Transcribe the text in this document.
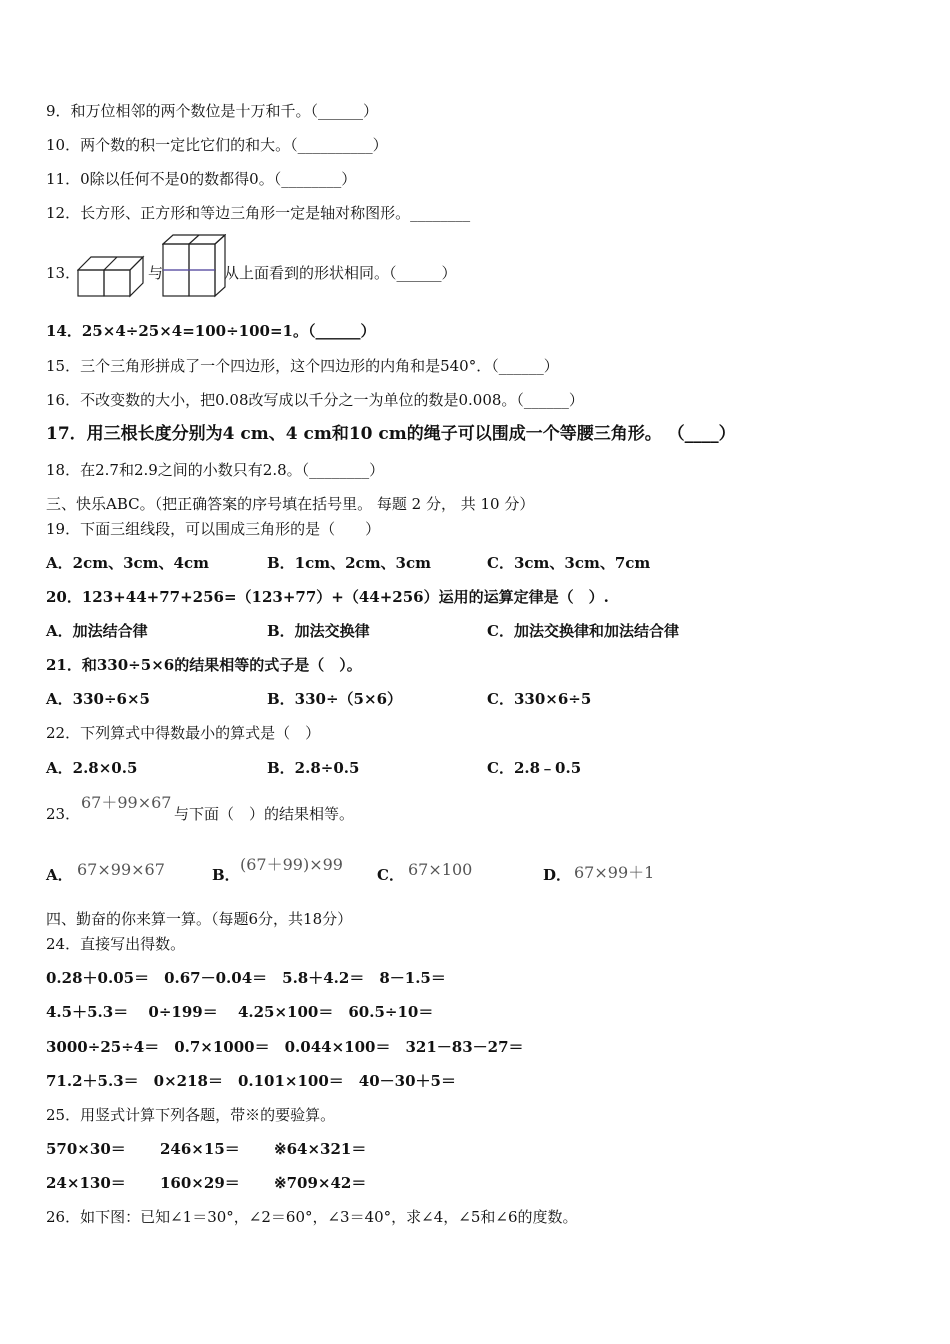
9．和万位相邻的两个数位是十万和千。（______）
10．两个数的积一定比它们的和大。（__________）
11．0除以任何不是0的数都得0。（________）
12．长方形、正方形和等边三角形一定是轴对称图形。________
13．	与	从上面看到的形状相同。（______）
14．25×4÷25×4=100÷100=1。（______）
15．三个三角形拼成了一个四边形，这个四边形的内角和是540°．（______）
16．不改变数的大小，把0.08改写成以千分之一为单位的数是0.008。（______）
17．用三根长度分别为4 cm、4 cm和10 cm的绳子可以围成一个等腰三角形。 （____）
18．在2.7和2.9之间的小数只有2.8。（________）
三、快乐ABC。（把正确答案的序号填在括号里。 每题 2 分， 共 10 分）
19．下面三组线段，可以围成三角形的是（　　）
A．2cm、3cm、4cm	B．1cm、2cm、3cm	C．3cm、3cm、7cm
20．123+44+77+256=（123+77）+（44+256）运用的运算定律是（　）.
A．加法结合律	B．加法交换律	C．加法交换律和加法结合律
21．和330÷5×6的结果相等的式子是（　）。
A．330÷6×5	B．330÷（5×6）	C．330×6÷5
22．下列算式中得数最小的算式是（　）
A．2.8×0.5	B．2.8÷0.5	C．2.8﹣0.5
23．
67＋99×67
与下面（　）的结果相等。
A． 67×99×67	B．
(67＋99)×99
C． 67×100	D． 67×99＋1
四、勤奋的你来算一算。（每题6分，共18分）
24．直接写出得数。
0.28＋0.05＝　0.67－0.04＝　5.8＋4.2＝　8－1.5＝
4.5＋5.3＝　 0÷199＝　 4.25×100＝　60.5÷10＝
3000÷25÷4＝　0.7×1000＝　0.044×100＝　321－83－27＝
71.2＋5.3＝　0×218＝　0.101×100＝　40－30＋5＝
25．用竖式计算下列各题，带※的要验算。
570×30＝ 246×15＝ ※64×321＝
24×130＝ 160×29＝ ※709×42＝
26．如下图：已知∠1＝30°，∠2＝60°，∠3＝40°，求∠4，∠5和∠6的度数。
